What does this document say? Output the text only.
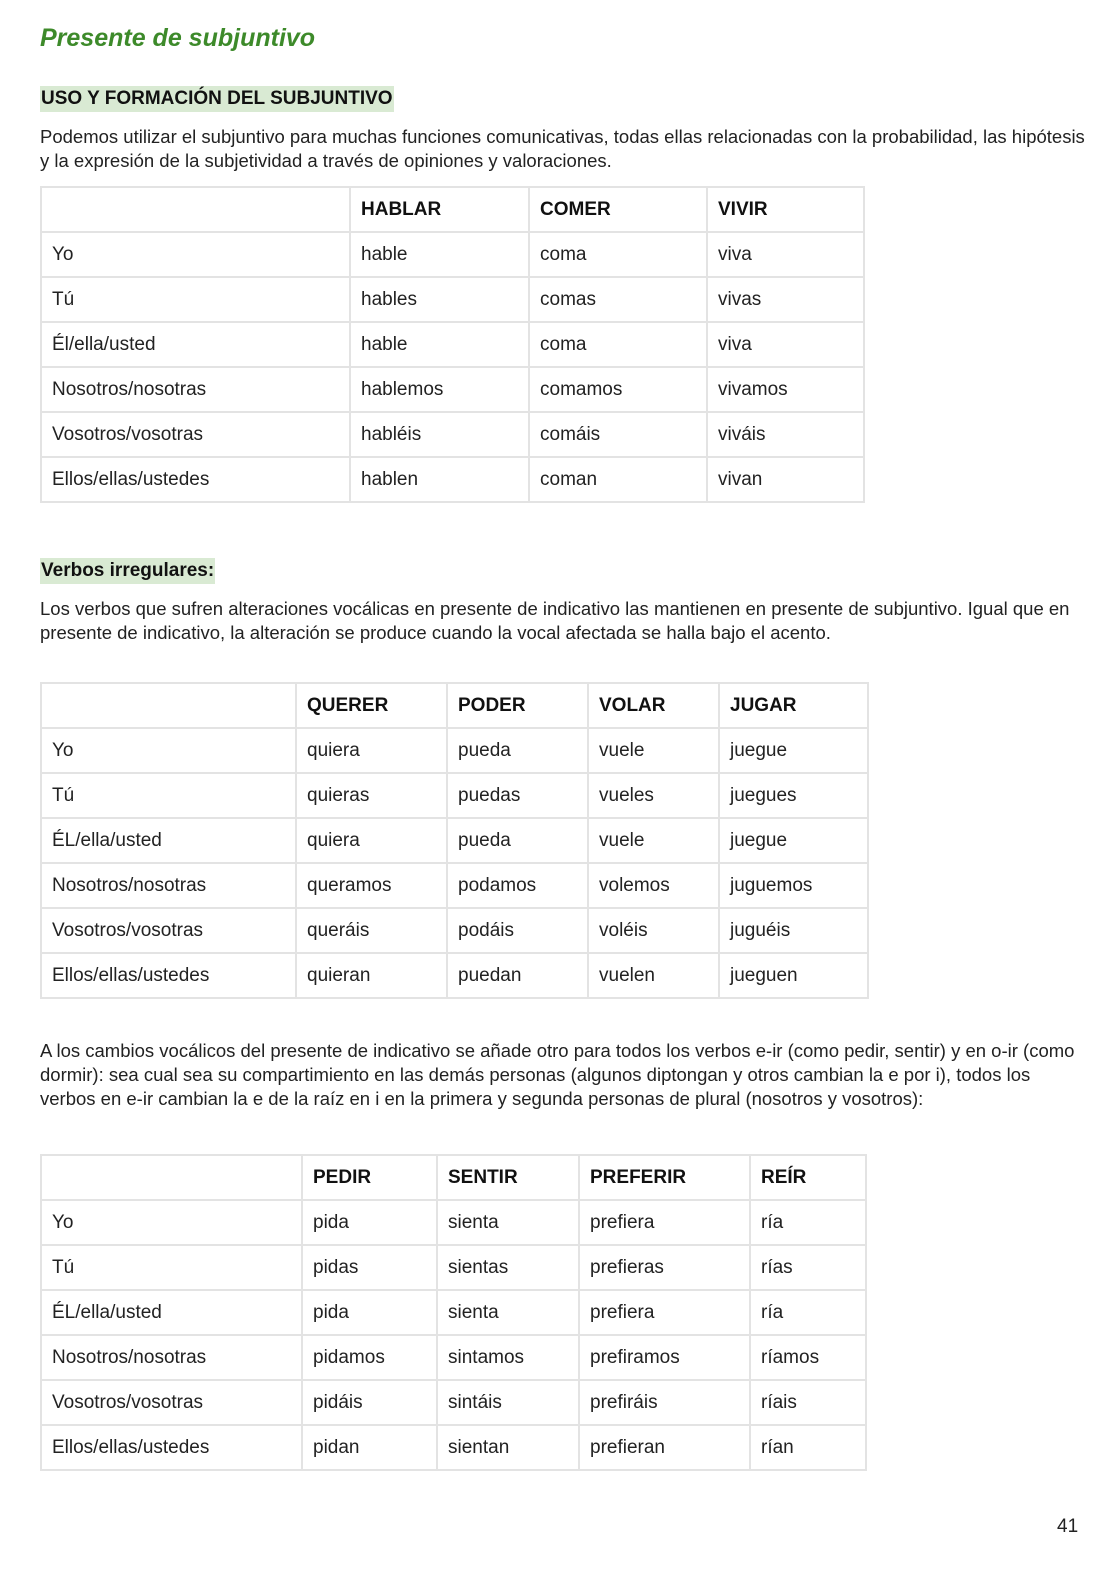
Presente de subjuntivo
USO Y FORMACIÓN DEL SUBJUNTIVO

Podemos utilizar el subjuntivo para muchas funciones comunicativas, todas ellas relacionadas con la probabilidad, las hipótesis y la expresión de la subjetividad a través de opiniones y valoraciones.

	HABLAR	COMER	VIVIR
Yo	hable	coma	viva
Tú	hables	comas	vivas
Él/ella/usted	hable	coma	viva
Nosotros/nosotras	hablemos	comamos	vivamos
Vosotros/vosotras	habléis	comáis	viváis
Ellos/ellas/ustedes	hablen	coman	vivan
Verbos irregulares:

Los verbos que sufren alteraciones vocálicas en presente de indicativo las mantienen en presente de subjuntivo. Igual que en presente de indicativo, la alteración se produce cuando la vocal afectada se halla bajo el acento.

	QUERER	PODER	VOLAR	JUGAR
Yo	quiera	pueda	vuele	juegue
Tú	quieras	puedas	vueles	juegues
ÉL/ella/usted	quiera	pueda	vuele	juegue
Nosotros/nosotras	queramos	podamos	volemos	juguemos
Vosotros/vosotras	queráis	podáis	voléis	juguéis
Ellos/ellas/ustedes	quieran	puedan	vuelen	jueguen

A los cambios vocálicos del presente de indicativo se añade otro para todos los verbos e-ir (como pedir, sentir) y en o-ir (como dormir): sea cual sea su compartimiento en las demás personas (algunos diptongan y otros cambian la e por i), todos los verbos en e-ir cambian la e de la raíz en i en la primera y segunda personas de plural (nosotros y vosotros):

	PEDIR	SENTIR	PREFERIR	REÍR
Yo	pida	sienta	prefiera	ría
Tú	pidas	sientas	prefieras	rías
ÉL/ella/usted	pida	sienta	prefiera	ría
Nosotros/nosotras	pidamos	sintamos	prefiramos	ríamos
Vosotros/vosotras	pidáis	sintáis	prefiráis	ríais
Ellos/ellas/ustedes	pidan	sientan	prefieran	rían
41
